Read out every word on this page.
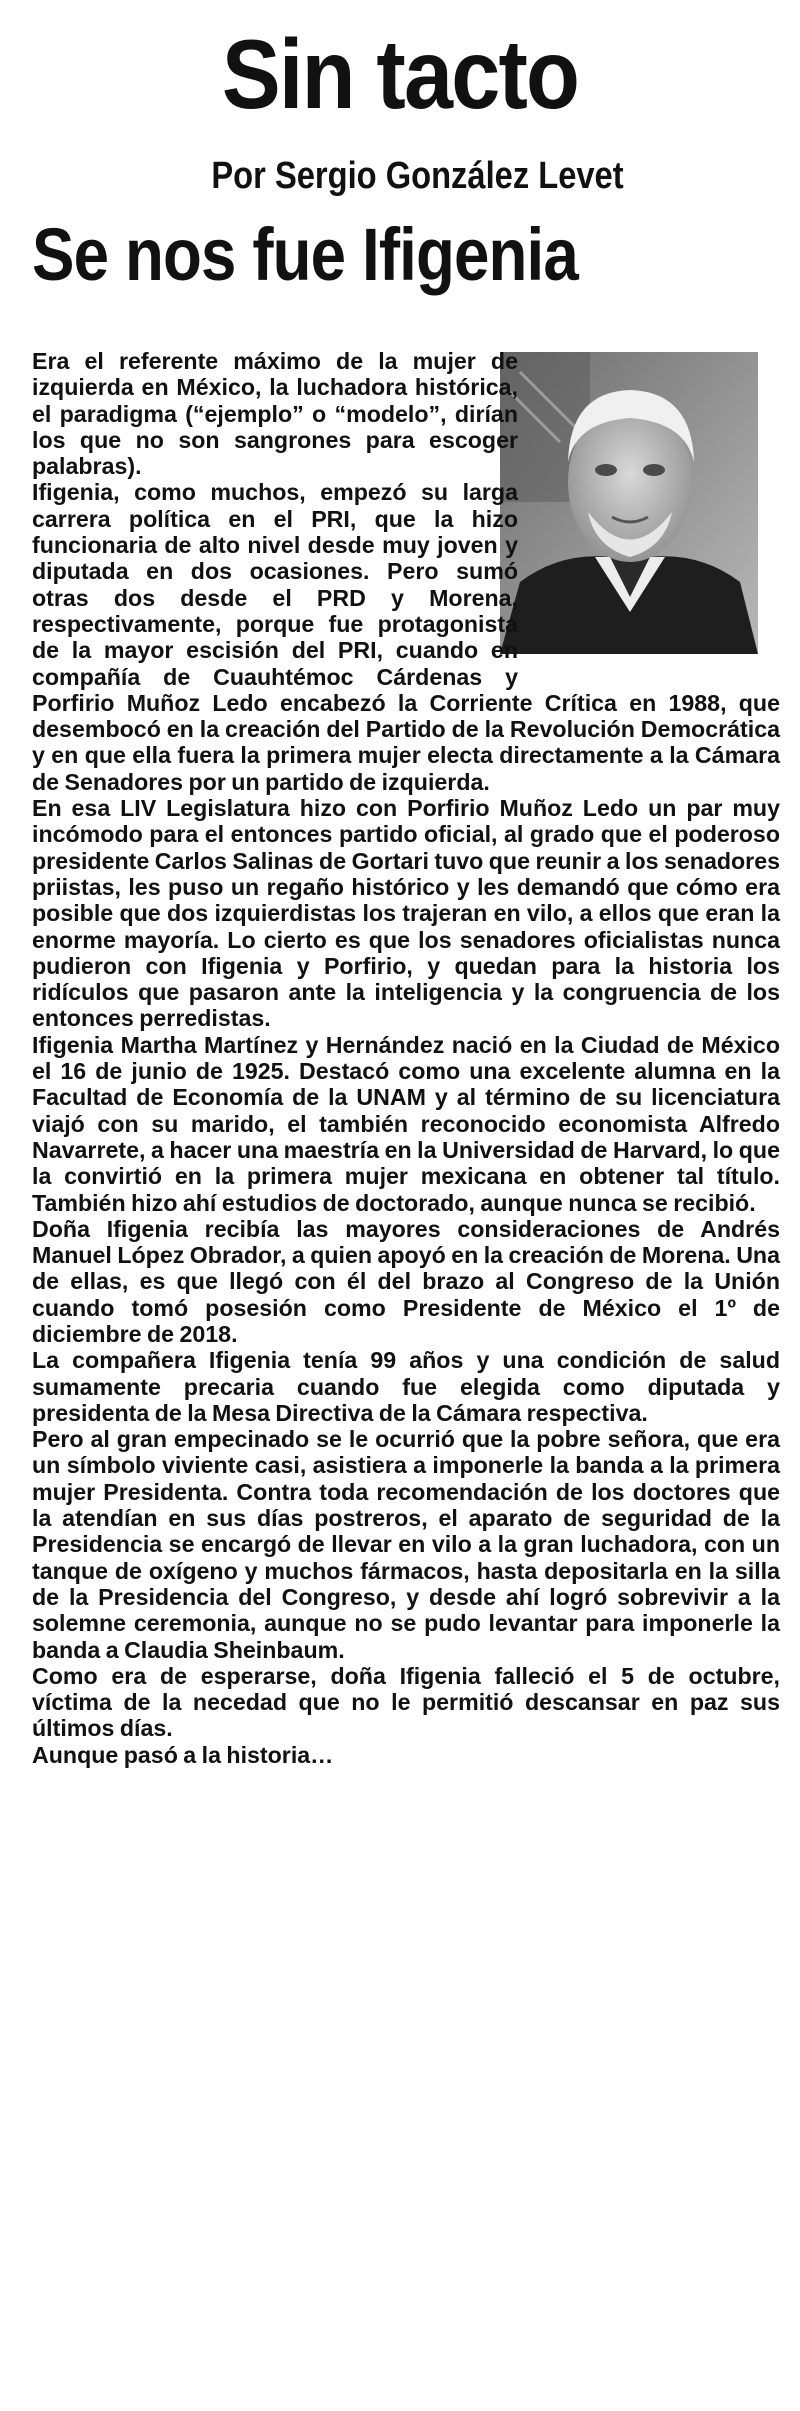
Sin tacto
Por Sergio González Levet
Se nos fue Ifigenia

Era el referente máximo de la mujer de izquierda en México, la luchadora histórica, el paradigma (“ejemplo” o “modelo”, dirían los que no son sangrones para escoger palabras).

Ifigenia, como muchos, empezó su larga carrera política en el PRI, que la hizo funcionaria de alto nivel desde muy joven y diputada en dos ocasiones. Pero sumó otras dos desde el PRD y Morena, respectivamente, porque fue protagonista de la mayor escisión del PRI, cuando en compañía de Cuauhtémoc Cárdenas y Porfirio Muñoz Ledo encabezó la Corriente Crítica en 1988, que desembocó en la creación del Partido de la Revolución Democrática y en que ella fuera la primera mujer electa directamente a la Cámara de Senadores por un partido de izquierda.

En esa LIV Legislatura hizo con Porfirio Muñoz Ledo un par muy incómodo para el entonces partido oficial, al grado que el poderoso presidente Carlos Salinas de Gortari tuvo que reunir a los senadores priistas, les puso un regaño histórico y les demandó que cómo era posible que dos izquierdistas los trajeran en vilo, a ellos que eran la enorme mayoría. Lo cierto es que los senadores oficialistas nunca pudieron con Ifigenia y Porfirio, y quedan para la historia los ridículos que pasaron ante la inteligencia y la congruencia de los entonces perredistas.

Ifigenia Martha Martínez y Hernández nació en la Ciudad de México el 16 de junio de 1925. Destacó como una excelente alumna en la Facultad de Economía de la UNAM y al término de su licenciatura viajó con su marido, el también reconocido economista Alfredo Navarrete, a hacer una maestría en la Universidad de Harvard, lo que la convirtió en la primera mujer mexicana en obtener tal título. También hizo ahí estudios de doctorado, aunque nunca se recibió.

Doña Ifigenia recibía las mayores consideraciones de Andrés Manuel López Obrador, a quien apoyó en la creación de Morena. Una de ellas, es que llegó con él del brazo al Congreso de la Unión cuando tomó posesión como Presidente de México el 1º de diciembre de 2018.

La compañera Ifigenia tenía 99 años y una condición de salud sumamente precaria cuando fue elegida como diputada y presidenta de la Mesa Directiva de la Cámara respectiva.

Pero al gran empecinado se le ocurrió que la pobre señora, que era un símbolo viviente casi, asistiera a imponerle la banda a la primera mujer Presidenta. Contra toda recomendación de los doctores que la atendían en sus días postreros, el aparato de seguridad de la Presidencia se encargó de llevar en vilo a la gran luchadora, con un tanque de oxígeno y muchos fármacos, hasta depositarla en la silla de la Presidencia del Congreso, y desde ahí logró sobrevivir a la solemne ceremonia, aunque no se pudo levantar para imponerle la banda a Claudia Sheinbaum.

Como era de esperarse, doña Ifigenia falleció el 5 de octubre, víctima de la necedad que no le permitió descansar en paz sus últimos días.

Aunque pasó a la historia…
